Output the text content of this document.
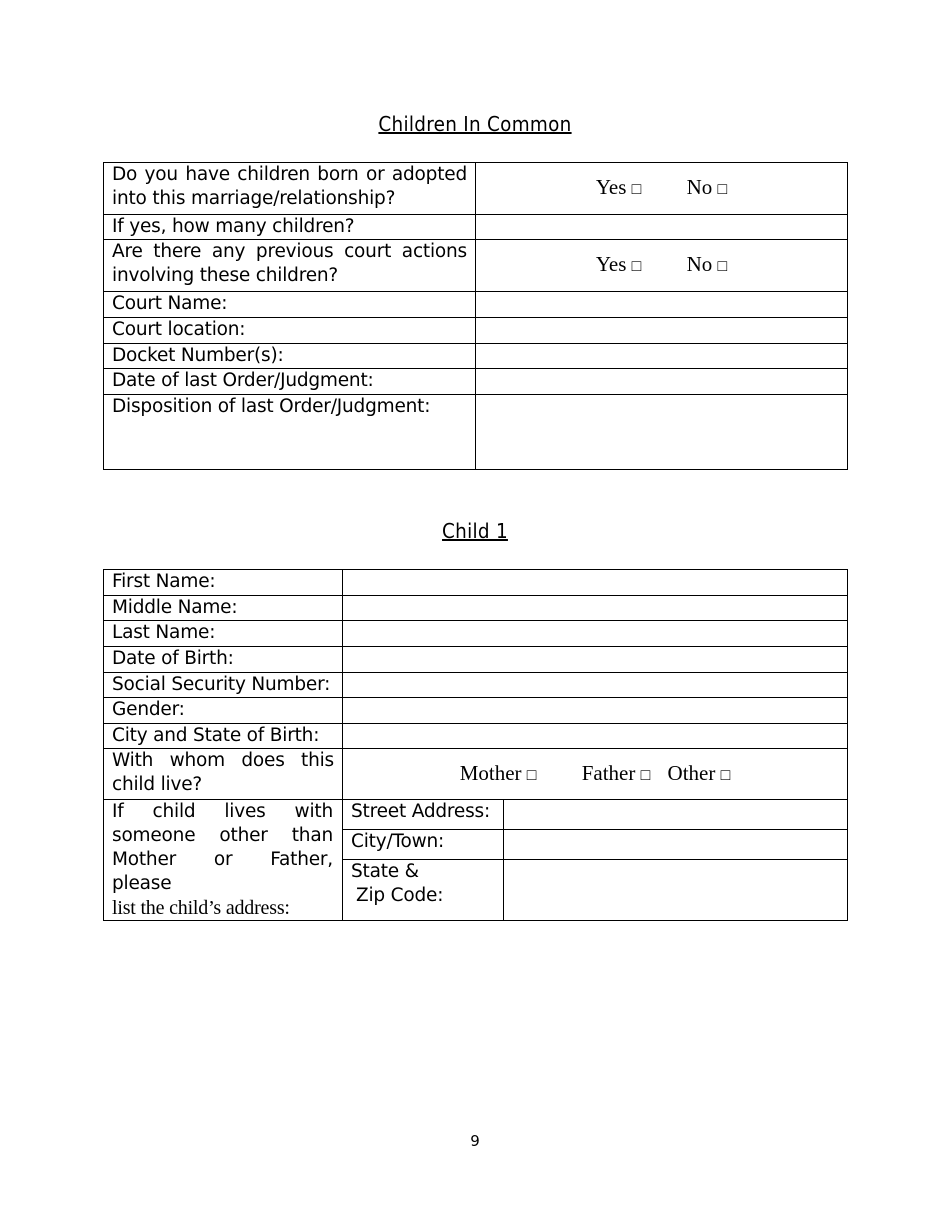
Children In Common
Do you have children born or adopted into this marriage/relationship?	Yes □ No □
If yes, how many children?	
Are there any previous court actions involving these children?	Yes □ No □
Court Name:	
Court location:	
Docket Number(s):	
Date of last Order/Judgment:	
Disposition of last Order/Judgment:	
Child 1
First Name:		
Middle Name:		
Last Name:		
Date of Birth:		
Social Security Number:		
Gender:		
City and State of Birth:		
With whom does this child live?	Mother □ Father □ Other □	

If child lives with
someone other than
Mother or Father, please
list the child’s address:	Street Address:	
	City/Town:	

	State &
Zip Code:	

9
